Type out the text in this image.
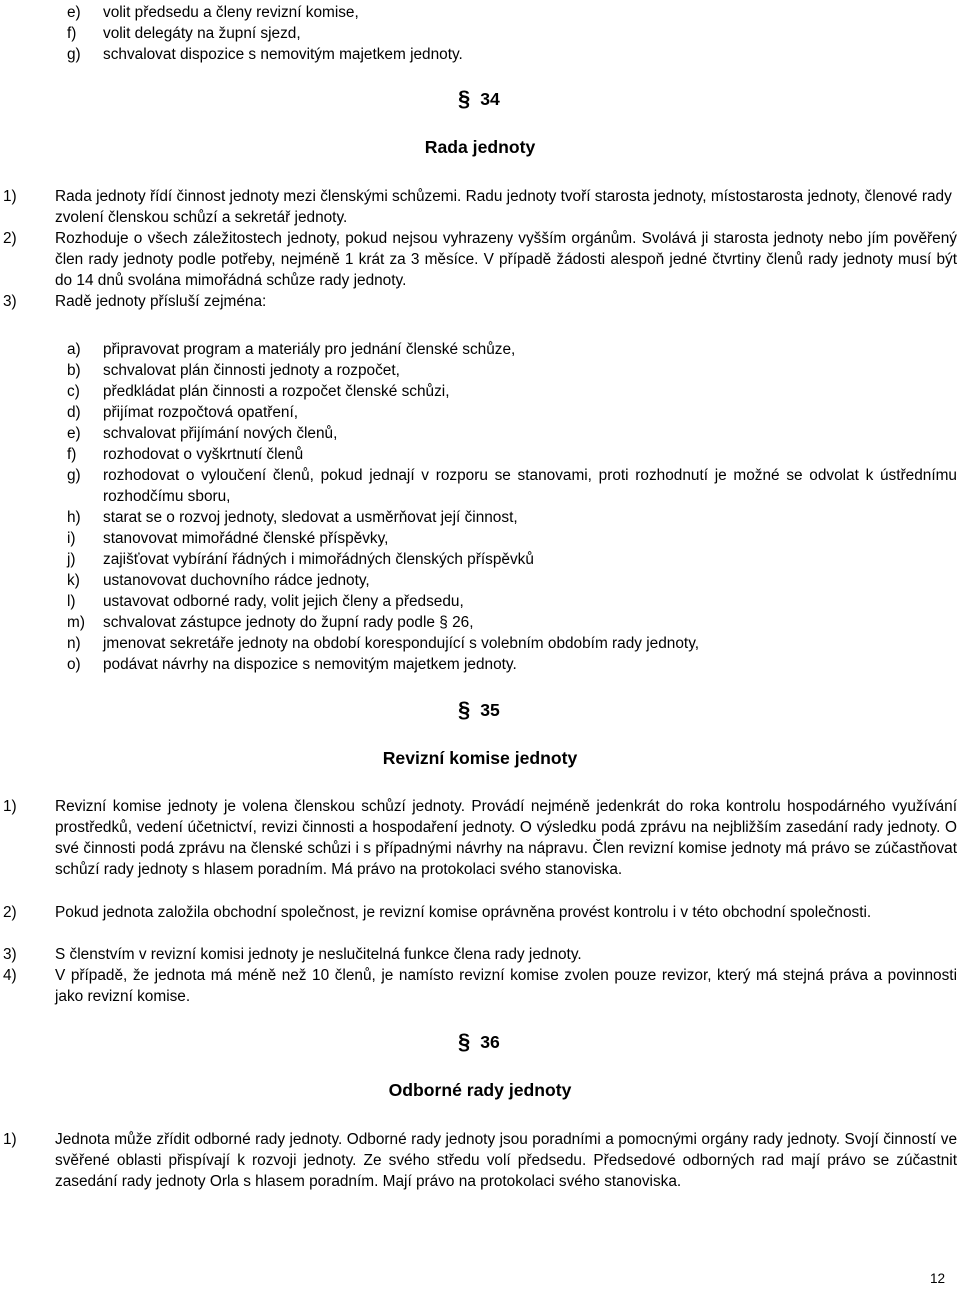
e)	volit předsedu a členy revizní komise,
f)	volit delegáty na župní sjezd,
g)	schvalovat dispozice s nemovitým majetkem jednoty.
§ 34
Rada jednoty
1)	Rada jednoty řídí činnost jednoty mezi členskými schůzemi. Radu jednoty tvoří starosta jednoty, místostarosta jednoty, členové rady zvolení členskou schůzí a sekretář jednoty.
2)	Rozhoduje o všech záležitostech jednoty, pokud nejsou vyhrazeny vyšším orgánům. Svolává ji starosta jednoty nebo jím pověřený člen rady jednoty podle potřeby, nejméně 1 krát za 3 měsíce. V případě žádosti alespoň jedné čtvrtiny členů rady jednoty musí být do 14 dnů svolána mimořádná schůze rady jednoty.
3)	Radě jednoty přísluší zejména:
a)	připravovat program a materiály pro jednání členské schůze,
b)	schvalovat plán činnosti jednoty a rozpočet,
c)	předkládat plán činnosti a rozpočet členské schůzi,
d)	přijímat rozpočtová opatření,
e)	schvalovat přijímání nových členů,
f)	rozhodovat o vyškrtnutí členů
g)	rozhodovat o vyloučení členů, pokud jednají v rozporu se stanovami, proti rozhodnutí je možné se odvolat k ústřednímu rozhodčímu sboru,
h)	starat se o rozvoj jednoty, sledovat a usměrňovat její činnost,
i)	stanovovat mimořádné členské příspěvky,
j)	zajišťovat vybírání řádných i mimořádných členských příspěvků
k)	ustanovovat duchovního rádce jednoty,
l)	ustavovat odborné rady, volit jejich členy a předsedu,
m)	schvalovat zástupce jednoty do župní rady podle § 26,
n)	jmenovat sekretáře jednoty na období korespondující s volebním obdobím rady jednoty,
o)	podávat návrhy na dispozice s nemovitým majetkem jednoty.
§ 35
Revizní komise jednoty
1)	Revizní komise jednoty je volena členskou schůzí jednoty. Provádí nejméně jedenkrát do roka kontrolu hospodárného využívání prostředků, vedení účetnictví, revizi činnosti a hospodaření jednoty. O výsledku podá zprávu na nejbližším zasedání rady jednoty. O své činnosti podá zprávu na členské schůzi i s případnými návrhy na nápravu. Člen revizní komise jednoty má právo se zúčastňovat schůzí rady jednoty s hlasem poradním. Má právo na protokolaci svého stanoviska.
2)	Pokud jednota založila obchodní společnost, je revizní komise oprávněna provést kontrolu i v této obchodní společnosti.
3)	S členstvím v revizní komisi jednoty je neslučitelná funkce člena rady jednoty.
4)	V případě, že jednota má méně než 10 členů, je namísto revizní komise zvolen pouze revizor, který má stejná práva a povinnosti jako revizní komise.
§ 36
Odborné rady jednoty
1)	Jednota může zřídit odborné rady jednoty. Odborné rady jednoty jsou poradními a pomocnými orgány rady jednoty. Svojí činností ve svěřené oblasti přispívají k rozvoji jednoty. Ze svého středu volí předsedu. Předsedové odborných rad mají právo se zúčastnit zasedání rady jednoty Orla s hlasem poradním. Mají právo na protokolaci svého stanoviska.
12
